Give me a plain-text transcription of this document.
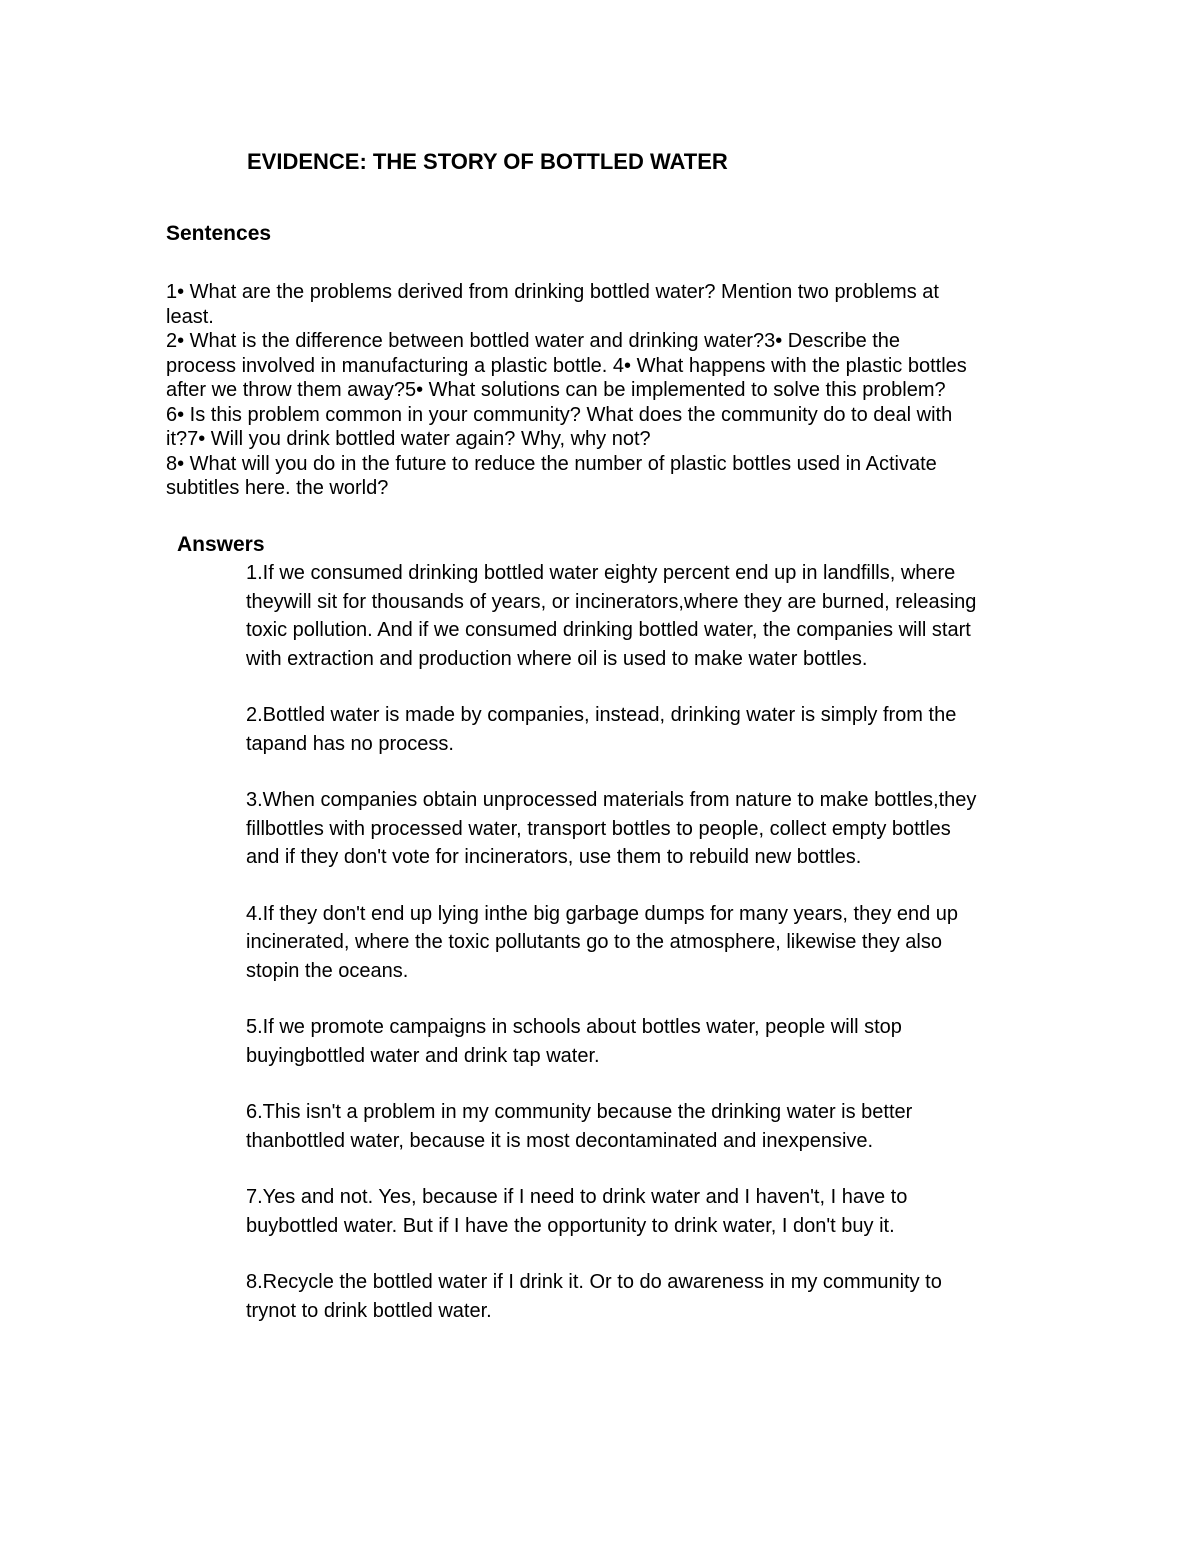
EVIDENCE: THE STORY OF BOTTLED WATER
Sentences
1• What are the problems derived from drinking bottled water? Mention two problems at
least.
2• What is the difference between bottled water and drinking water?3• Describe the
process involved in manufacturing a plastic bottle. 4• What happens with the plastic bottles
after we throw them away?5• What solutions can be implemented to solve this problem?
6• Is this problem common in your community? What does the community do to deal with
it?7• Will you drink bottled water again? Why, why not?
8• What will you do in the future to reduce the number of plastic bottles used in Activate
subtitles here. the world?
Answers
1.If we consumed drinking bottled water eighty percent end up in landfills, where
theywill sit for thousands of years, or incinerators,where they are burned, releasing
toxic pollution. And if we consumed drinking bottled water, the companies will start
with extraction and production where oil is used to make water bottles.
2.Bottled water is made by companies, instead, drinking water is simply from the
tapand has no process.
3.When companies obtain unprocessed materials from nature to make bottles,they
fillbottles with processed water, transport bottles to people, collect empty bottles
and if they don't vote for incinerators, use them to rebuild new bottles.
4.If they don't end up lying inthe big garbage dumps for many years, they end up
incinerated, where the toxic pollutants go to the atmosphere, likewise they also
stopin the oceans.
5.If we promote campaigns in schools about bottles water, people will stop
buyingbottled water and drink tap water.
6.This isn't a problem in my community because the drinking water is better
thanbottled water, because it is most decontaminated and inexpensive.
7.Yes and not. Yes, because if I need to drink water and I haven't, I have to
buybottled water. But if I have the opportunity to drink water, I don't buy it.
8.Recycle the bottled water if I drink it. Or to do awareness in my community to
trynot to drink bottled water.
